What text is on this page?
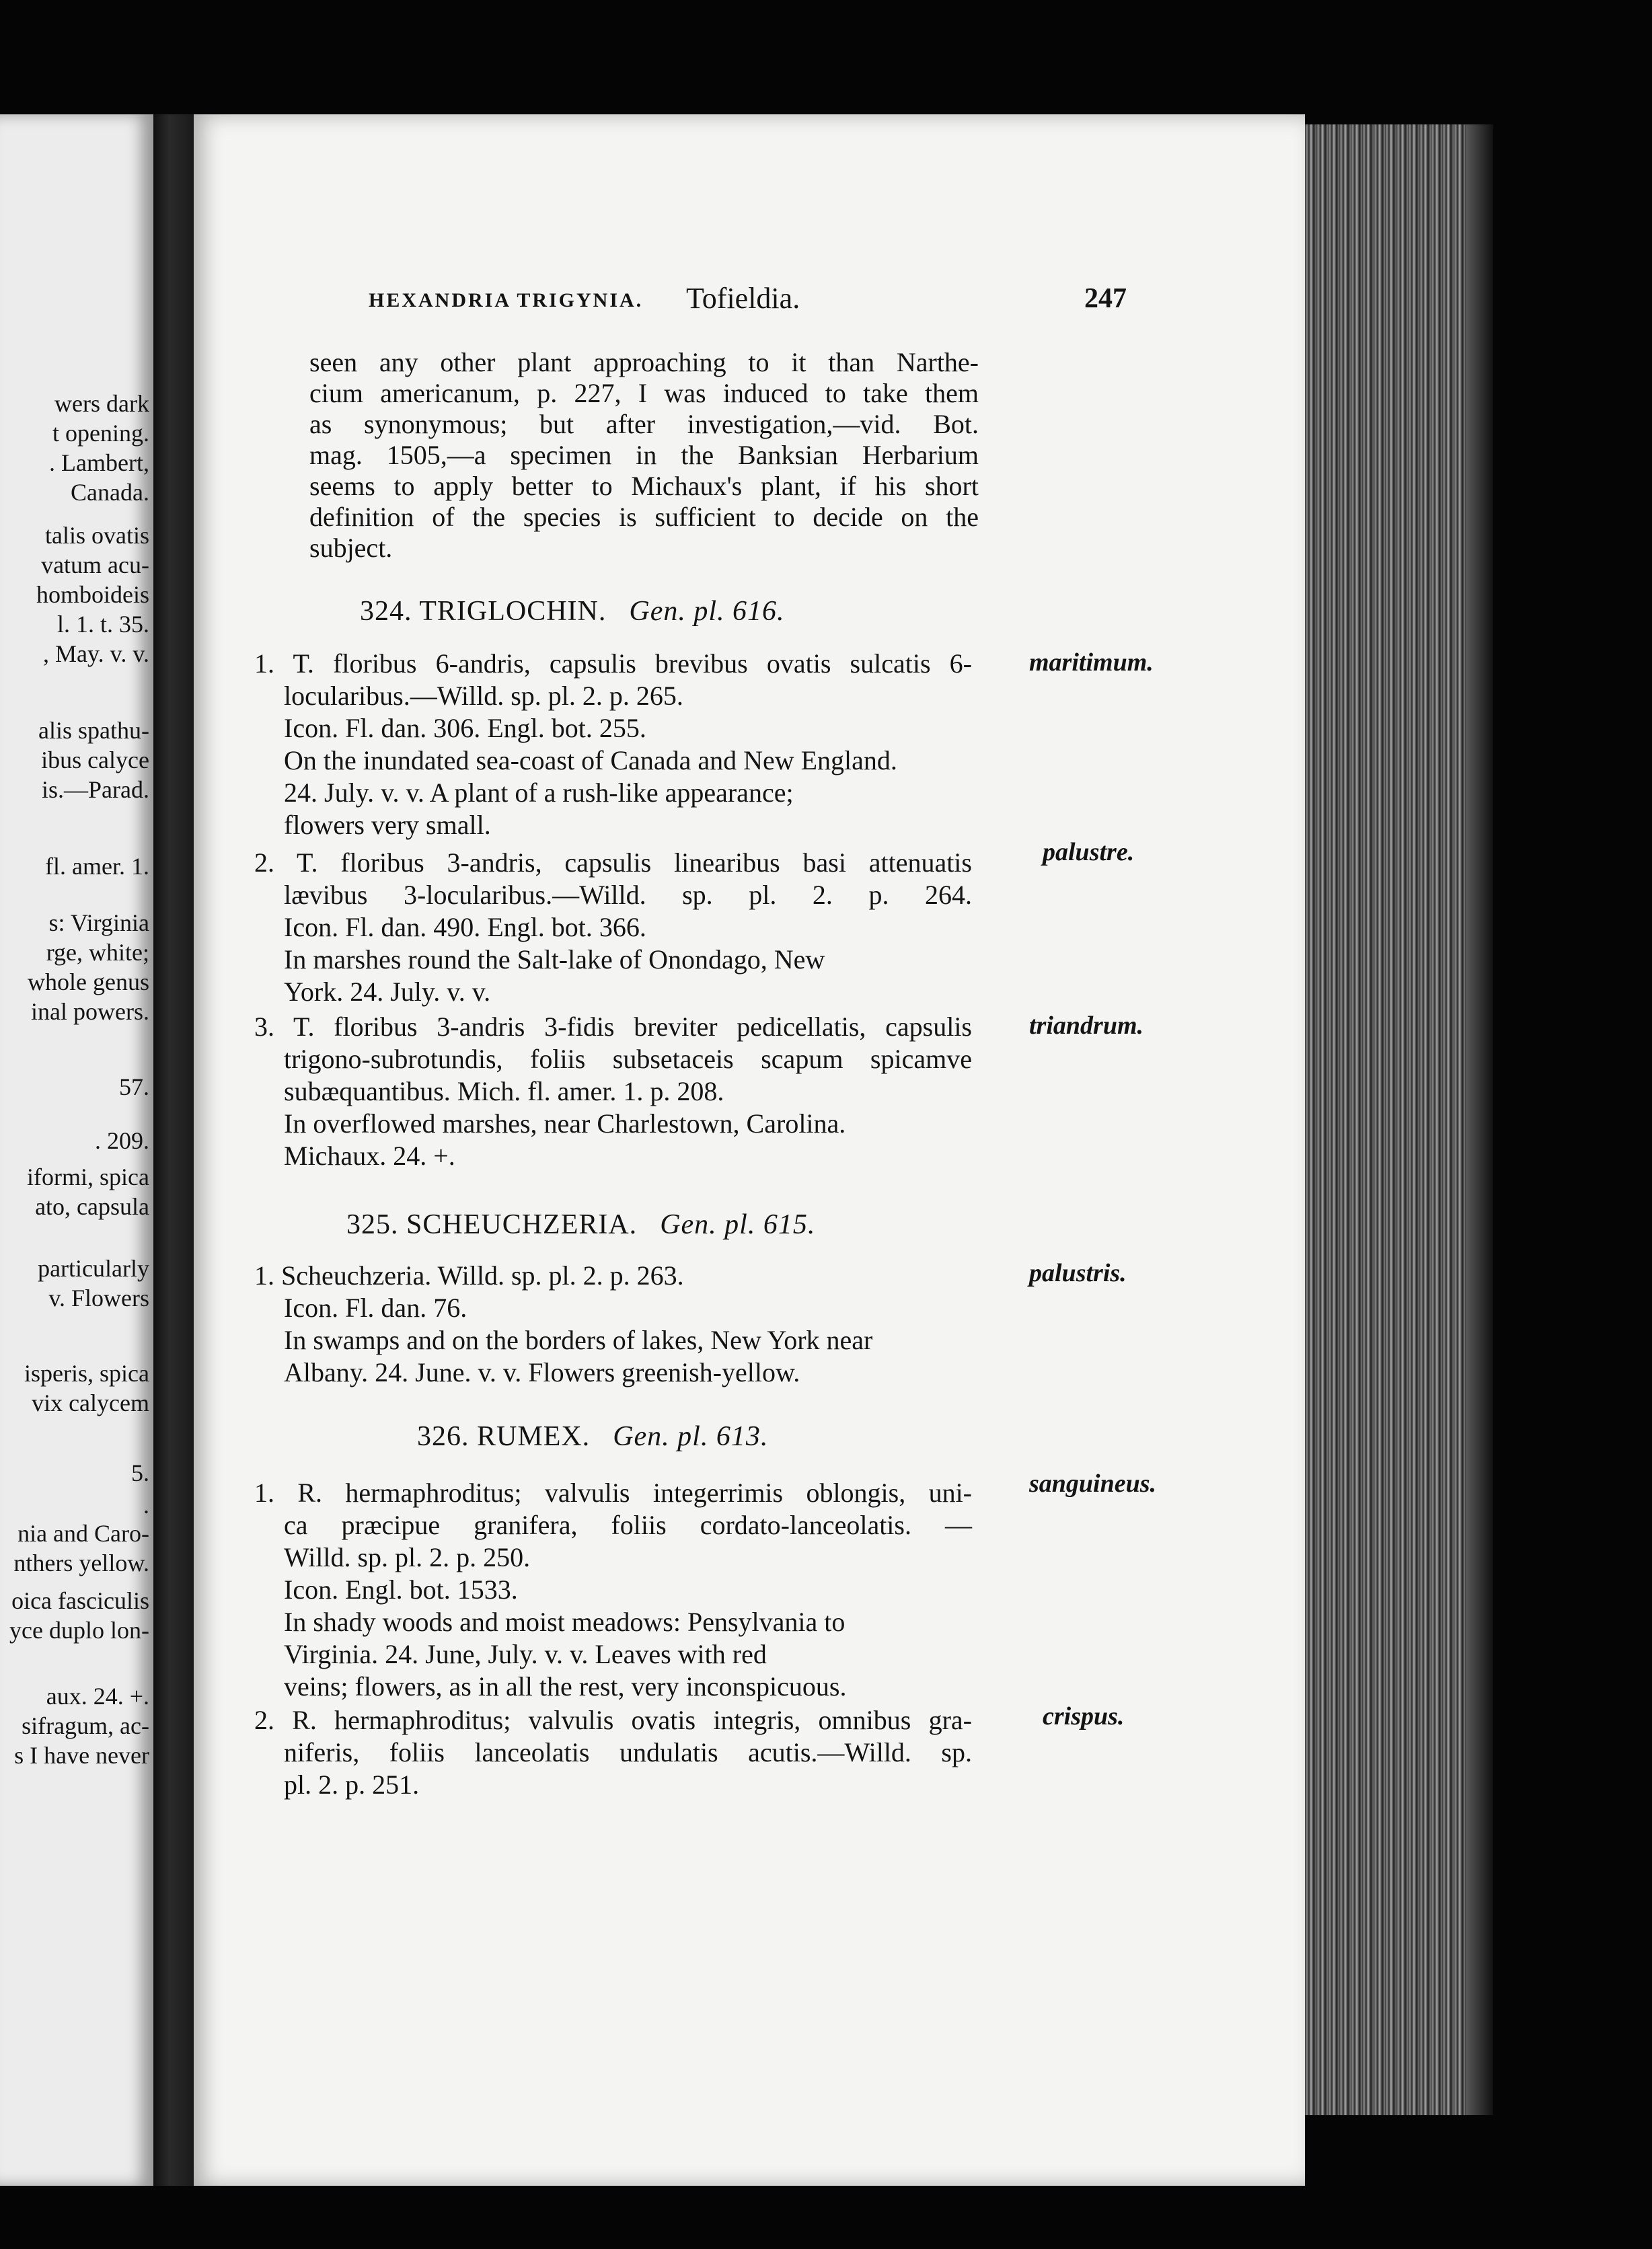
wers dark
t opening.
. Lambert,
Canada.
talis ovatis
vatum acu-
homboideis
l. 1. t. 35.
, May. v. v.
alis spathu-
ibus calyce
is.—Parad.
fl. amer. 1.
s: Virginia
rge, white;
whole genus
inal powers.
57.
. 209.
iformi, spica
ato, capsula
particularly
v. Flowers
isperis, spica
vix calycem
5.
.
nia and Caro-
nthers yellow.
oica fasciculis
yce duplo lon-
aux. 24. +.
sifragum, ac-
s I have never
HEXANDRIA TRIGYNIA. Tofieldia.	247
seen any other plant approaching to it than Narthe-
cium americanum, p. 227, I was induced to take them
as synonymous; but after investigation,—vid. Bot.
mag. 1505,—a specimen in the Banksian Herbarium
seems to apply better to Michaux's plant, if his short
definition of the species is sufficient to decide on the
subject.
324. TRIGLOCHIN. Gen. pl. 616.
1. T. floribus 6-andris, capsulis brevibus ovatis sulcatis 6-
locularibus.—Willd. sp. pl. 2. p. 265.
Icon. Fl. dan. 306. Engl. bot. 255.
On the inundated sea-coast of Canada and New England.
24. July. v. v. A plant of a rush-like appearance;
flowers very small.
maritimum.
2. T. floribus 3-andris, capsulis linearibus basi attenuatis
lævibus 3-locularibus.—Willd. sp. pl. 2. p. 264.
Icon. Fl. dan. 490. Engl. bot. 366.
In marshes round the Salt-lake of Onondago, New
York. 24. July. v. v.
palustre.
3. T. floribus 3-andris 3-fidis breviter pedicellatis, capsulis
trigono-subrotundis, foliis subsetaceis scapum spicamve
subæquantibus. Mich. fl. amer. 1. p. 208.
In overflowed marshes, near Charlestown, Carolina.
Michaux. 24. +.
triandrum.
325. SCHEUCHZERIA. Gen. pl. 615.
1. Scheuchzeria. Willd. sp. pl. 2. p. 263.
Icon. Fl. dan. 76.
In swamps and on the borders of lakes, New York near
Albany. 24. June. v. v. Flowers greenish-yellow.
palustris.
326. RUMEX. Gen. pl. 613.
1. R. hermaphroditus; valvulis integerrimis oblongis, uni-
ca præcipue granifera, foliis cordato-lanceolatis. —
Willd. sp. pl. 2. p. 250.
Icon. Engl. bot. 1533.
In shady woods and moist meadows: Pensylvania to
Virginia. 24. June, July. v. v. Leaves with red
veins; flowers, as in all the rest, very inconspicuous.
sanguineus.
2. R. hermaphroditus; valvulis ovatis integris, omnibus gra-
niferis, foliis lanceolatis undulatis acutis.—Willd. sp.
pl. 2. p. 251.
crispus.
